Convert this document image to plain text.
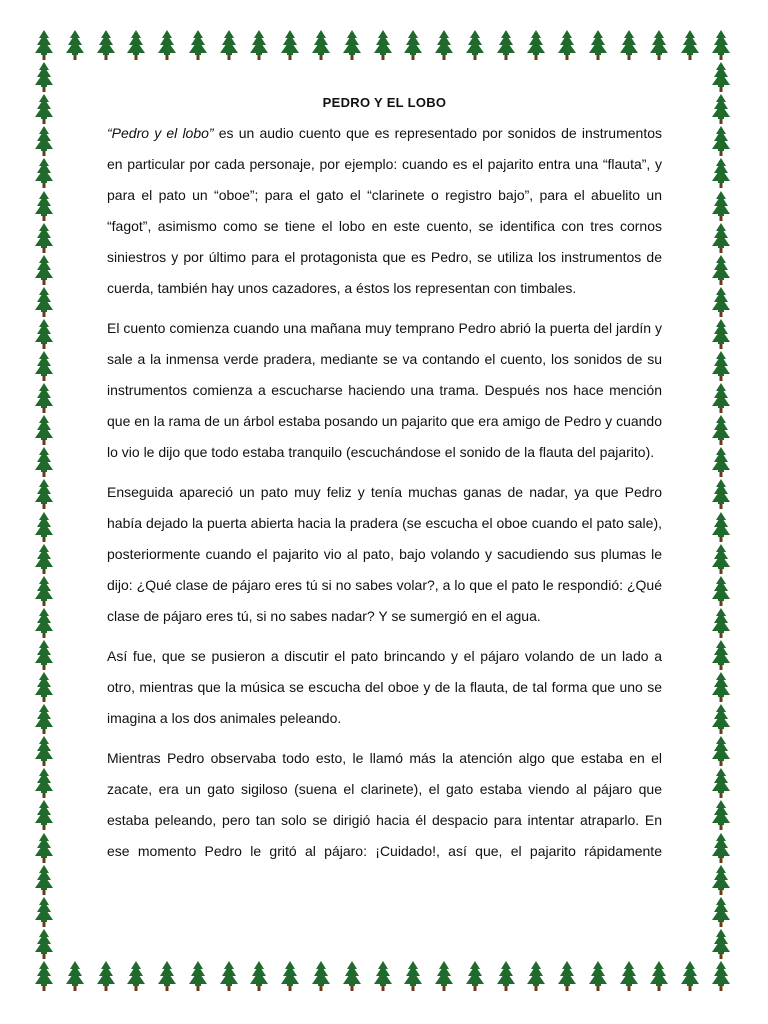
PEDRO Y EL LOBO

“Pedro y el lobo” es un audio cuento que es representado por sonidos de instrumentos en particular por cada personaje, por ejemplo: cuando es el pajarito entra una “flauta”, y para el pato un “oboe”; para el gato el “clarinete o registro bajo”, para el abuelito un “fagot”, asimismo como se tiene el lobo en este cuento, se identifica con tres cornos siniestros y por último para el protagonista que es Pedro, se utiliza los instrumentos de cuerda, también hay unos cazadores, a éstos los representan con timbales.

El cuento comienza cuando una mañana muy temprano Pedro abrió la puerta del jardín y sale a la inmensa verde pradera, mediante se va contando el cuento, los sonidos de su instrumentos comienza a escucharse haciendo una trama. Después nos hace mención que en la rama de un árbol estaba posando un pajarito que era amigo de Pedro y cuando lo vio le dijo que todo estaba tranquilo (escuchándose el sonido de la flauta del pajarito).

Enseguida apareció un pato muy feliz y tenía muchas ganas de nadar, ya que Pedro había dejado la puerta abierta hacia la pradera (se escucha el oboe cuando el pato sale), posteriormente cuando el pajarito vio al pato, bajo volando y sacudiendo sus plumas le dijo: ¿Qué clase de pájaro eres tú si no sabes volar?, a lo que el pato le respondió: ¿Qué clase de pájaro eres tú, si no sabes nadar? Y se sumergió en el agua.

Así fue, que se pusieron a discutir el pato brincando y el pájaro volando de un lado a otro, mientras que la música se escucha del oboe y de la flauta, de tal forma que uno se imagina a los dos animales peleando.

Mientras Pedro observaba todo esto, le llamó más la atención algo que estaba en el zacate, era un gato sigiloso (suena el clarinete), el gato estaba viendo al pájaro que estaba peleando, pero tan solo se dirigió hacia él despacio para intentar atraparlo. En ese momento Pedro le gritó al pájaro: ¡Cuidado!, así que, el pajarito rápidamente
